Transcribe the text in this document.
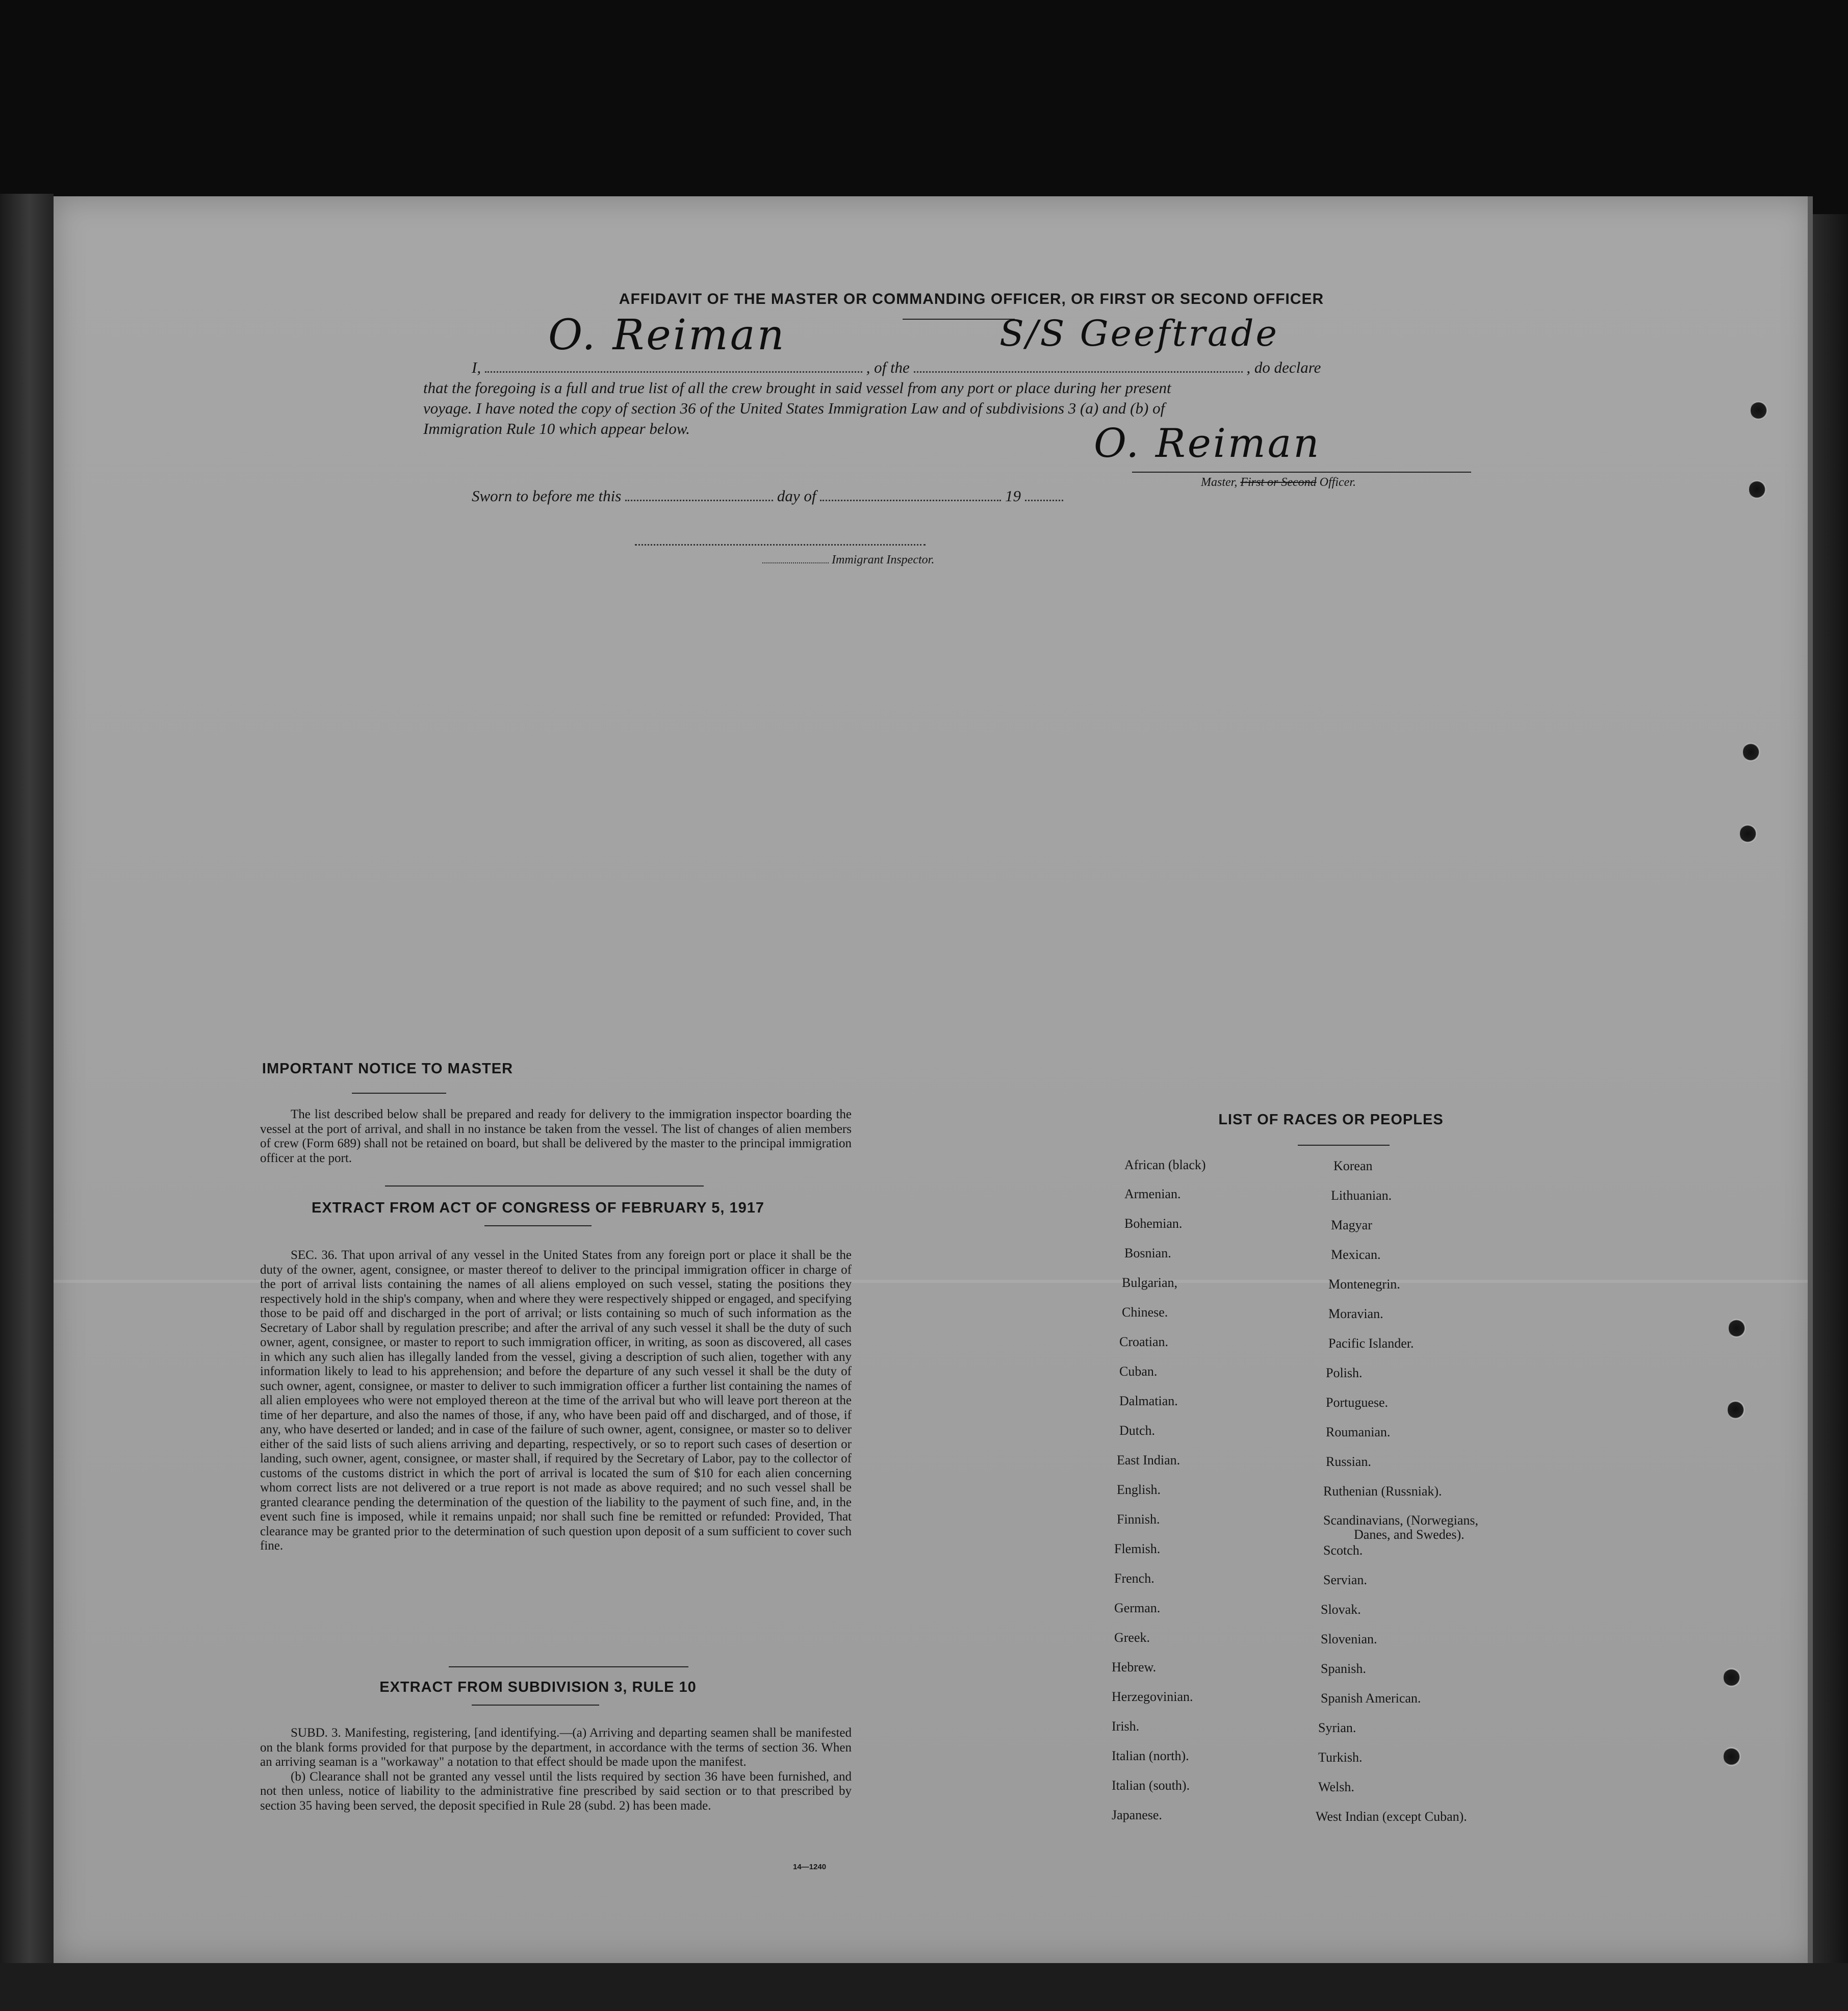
AFFIDAVIT OF THE MASTER OR COMMANDING OFFICER, OR FIRST OR SECOND OFFICER
I,	, of the	, do declare
O. Reiman	S/S Geeftrade
that the foregoing is a full and true list of all the crew brought in said vessel from any port or place during her present
voyage. I have noted the copy of section 36 of the United States Immigration Law and of subdivisions 3 (a) and (b) of
Immigration Rule 10 which appear below.	O. Reiman
Master, First or Second Officer.
Sworn to before me this	day of	19
Immigrant Inspector.
IMPORTANT NOTICE TO MASTER

The list described below shall be prepared and ready for delivery to the immigration inspector boarding the vessel at the port of arrival, and shall in no instance be taken from the vessel. The list of changes of alien members of crew (Form 689) shall not be retained on board, but shall be delivered by the master to the principal immigration officer at the port.

EXTRACT FROM ACT OF CONGRESS OF FEBRUARY 5, 1917

SEC. 36. That upon arrival of any vessel in the United States from any foreign port or place it shall be the duty of the owner, agent, consignee, or master thereof to deliver to the principal immigration officer in charge of the port of arrival lists containing the names of all aliens employed on such vessel, stating the positions they respectively hold in the ship's company, when and where they were respectively shipped or engaged, and specifying those to be paid off and discharged in the port of arrival; or lists containing so much of such information as the Secretary of Labor shall by regulation prescribe; and after the arrival of any such vessel it shall be the duty of such owner, agent, consignee, or master to report to such immigration officer, in writing, as soon as discovered, all cases in which any such alien has illegally landed from the vessel, giving a description of such alien, together with any information likely to lead to his apprehension; and before the departure of any such vessel it shall be the duty of such owner, agent, consignee, or master to deliver to such immigration officer a further list containing the names of all alien employees who were not employed thereon at the time of the arrival but who will leave port thereon at the time of her departure, and also the names of those, if any, who have been paid off and discharged, and of those, if any, who have deserted or landed; and in case of the failure of such owner, agent, consignee, or master so to deliver either of the said lists of such aliens arriving and departing, respectively, or so to report such cases of desertion or landing, such owner, agent, consignee, or master shall, if required by the Secretary of Labor, pay to the collector of customs of the customs district in which the port of arrival is located the sum of $10 for each alien concerning whom correct lists are not delivered or a true report is not made as above required; and no such vessel shall be granted clearance pending the determination of the question of the liability to the payment of such fine, and, in the event such fine is imposed, while it remains unpaid; nor shall such fine be remitted or refunded: Provided, That clearance may be granted prior to the determination of such question upon deposit of a sum sufficient to cover such fine.

EXTRACT FROM SUBDIVISION 3, RULE 10

SUBD. 3. Manifesting, registering, [and identifying.—(a) Arriving and departing seamen shall be manifested on the blank forms provided for that purpose by the department, in accordance with the terms of section 36. When an arriving seaman is a "workaway" a notation to that effect should be made upon the manifest.

(b) Clearance shall not be granted any vessel until the lists required by section 36 have been furnished, and not then unless, notice of liability to the administrative fine prescribed by said section or to that prescribed by section 35 having been served, the deposit specified in Rule 28 (subd. 2) has been made.

14—1240
LIST OF RACES OR PEOPLES
African (black)
Armenian.
Bohemian.
Bosnian.
Bulgarian,
Chinese.
Croatian.
Cuban.
Dalmatian.
Dutch.
East Indian.
English.
Finnish.
Flemish.
French.
German.
Greek.
Hebrew.
Herzegovinian.
Irish.
Italian (north).
Italian (south).
Japanese.
Korean
Lithuanian.
Magyar
Mexican.
Montenegrin.
Moravian.
Pacific Islander.
Polish.
Portuguese.
Roumanian.
Russian.
Ruthenian (Russniak).
Scandinavians, (Norwegians,
Danes, and Swedes).
Scotch.
Servian.
Slovak.
Slovenian.
Spanish.
Spanish American.
Syrian.
Turkish.
Welsh.
West Indian (except Cuban).
